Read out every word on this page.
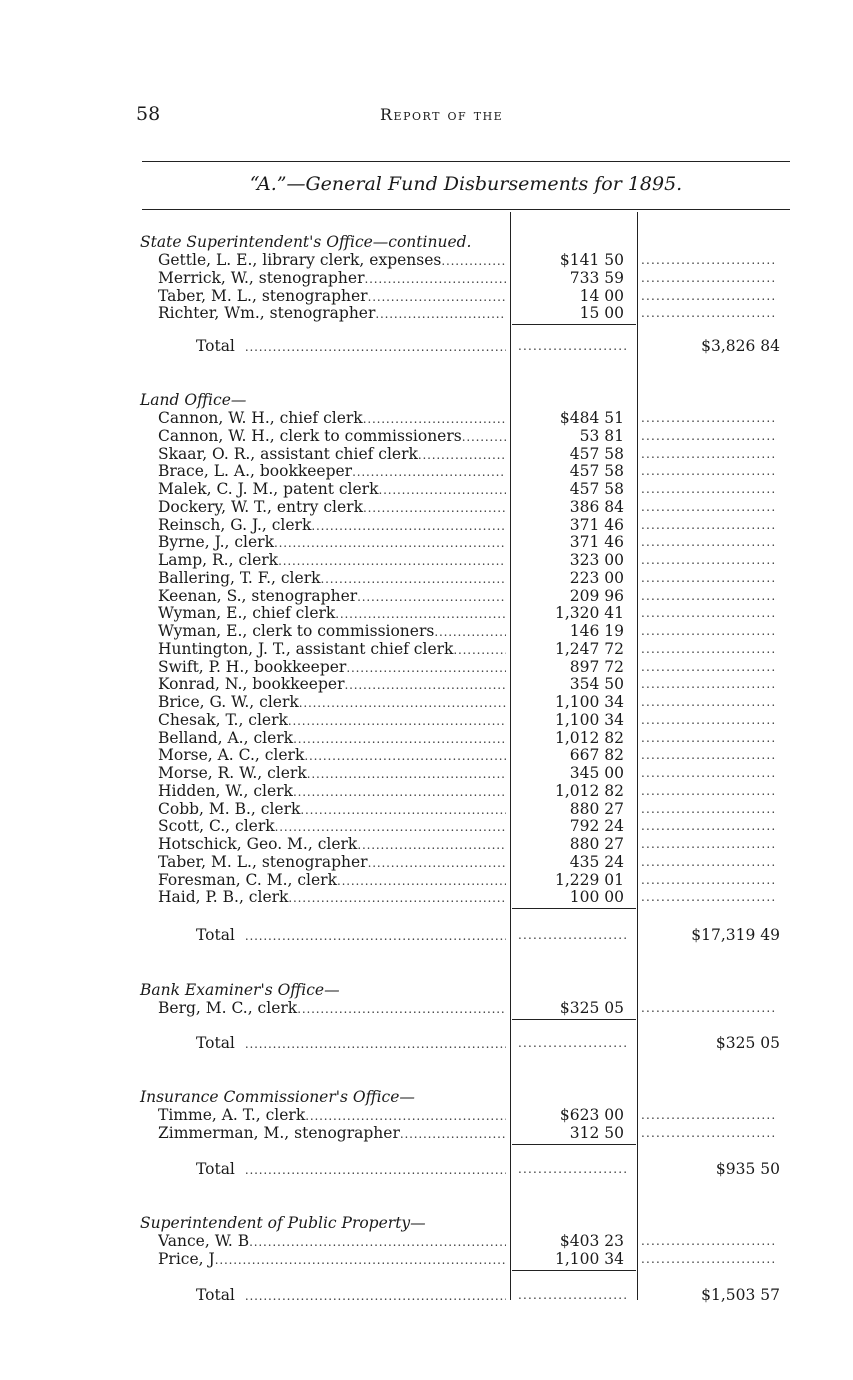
58	Report of the
“A.”—General Fund Disbursements for 1895.
State Superintendent's Office—continued.
Gettle, L. E., library clerk, expenses . . .	$141 50
.....
Merrick, W., stenographer . . .	733 59
.....
Taber, M. L., stenographer . . .	14 00
.....
Richter, Wm., stenographer . . .	15 00
.....
Total . . . .....	$3,826 84
Land Office—
Cannon, W. H., chief clerk . . .	$484 51
.....
Cannon, W. H., clerk to commissioners . . .	53 81
.....
Skaar, O. R., assistant chief clerk . . .	457 58
.....
Brace, L. A., bookkeeper . . .	457 58
.....
Malek, C. J. M., patent clerk . . .	457 58
.....
Dockery, W. T., entry clerk . . .	386 84
.....
Reinsch, G. J., clerk . . .	371 46
.....
Byrne, J., clerk . . .	371 46
.....
Lamp, R., clerk . . .	323 00
.....
Ballering, T. F., clerk . . .	223 00
.....
Keenan, S., stenographer . . .	209 96
.....
Wyman, E., chief clerk . . .	1,320 41
.....
Wyman, E., clerk to commissioners . . .	146 19
.....
Huntington, J. T., assistant chief clerk . . .	1,247 72
.....
Swift, P. H., bookkeeper . . .	897 72
.....
Konrad, N., bookkeeper . . .	354 50
.....
Brice, G. W., clerk . . .	1,100 34
.....
Chesak, T., clerk . . .	1,100 34
.....
Belland, A., clerk . . .	1,012 82
.....
Morse, A. C., clerk . . .	667 82
.....
Morse, R. W., clerk . . .	345 00
.....
Hidden, W., clerk . . .	1,012 82
.....
Cobb, M. B., clerk . . .	880 27
.....
Scott, C., clerk . . .	792 24
.....
Hotschick, Geo. M., clerk . . .	880 27
.....
Taber, M. L., stenographer . . .	435 24
.....
Foresman, C. M., clerk . . .	1,229 01
.....
Haid, P. B., clerk . . .	100 00
.....
Total . . . .....	$17,319 49
Bank Examiner's Office—
Berg, M. C., clerk . . .	$325 05
.....
Total . . . .....	$325 05
Insurance Commissioner's Office—
Timme, A. T., clerk . . .	$623 00
.....
Zimmerman, M., stenographer . . .	312 50
.....
Total . . . .....	$935 50
Superintendent of Public Property—
Vance, W. B . . .	$403 23
.....
Price, J . . .	1,100 34
.....
Total . . . .....	$1,503 57
